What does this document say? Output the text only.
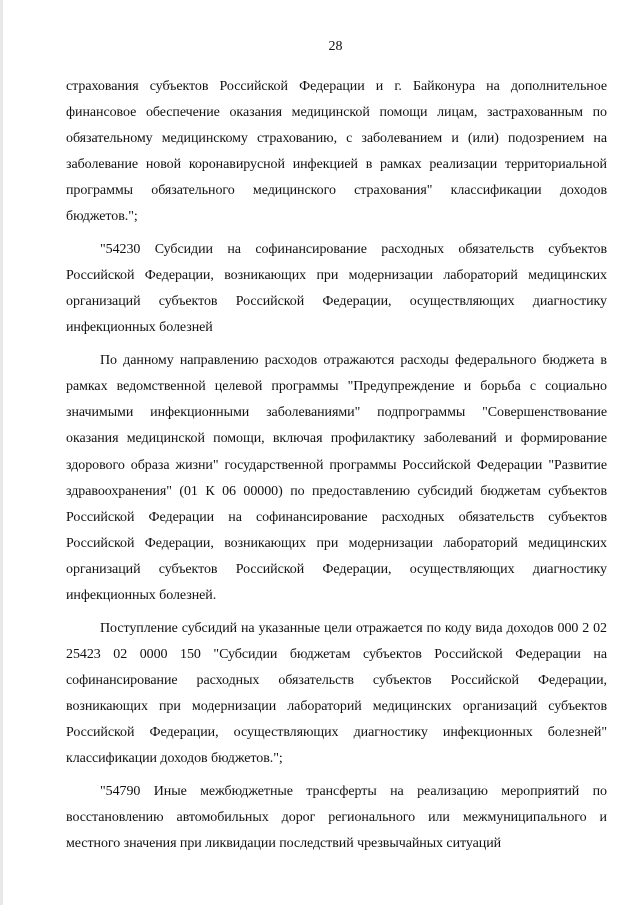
28

страхования субъектов Российской Федерации и г. Байконура на дополнительное финансовое обеспечение оказания медицинской помощи лицам, застрахованным по обязательному медицинскому страхованию, с заболеванием и (или) подозрением на заболевание новой коронавирусной инфекцией в рамках реализации территориальной программы обязательного медицинского страхования" классификации доходов бюджетов.";

"54230 Субсидии на софинансирование расходных обязательств субъектов Российской Федерации, возникающих при модернизации лабораторий медицинских организаций субъектов Российской Федерации, осуществляющих диагностику инфекционных болезней

По данному направлению расходов отражаются расходы федерального бюджета в рамках ведомственной целевой программы "Предупреждение и борьба с социально значимыми инфекционными заболеваниями" подпрограммы "Совершенствование оказания медицинской помощи, включая профилактику заболеваний и формирование здорового образа жизни" государственной программы Российской Федерации "Развитие здравоохранения" (01 К 06 00000) по предоставлению субсидий бюджетам субъектов Российской Федерации на софинансирование расходных обязательств субъектов Российской Федерации, возникающих при модернизации лабораторий медицинских организаций субъектов Российской Федерации, осуществляющих диагностику инфекционных болезней.

Поступление субсидий на указанные цели отражается по коду вида доходов 000 2 02 25423 02 0000 150 "Субсидии бюджетам субъектов Российской Федерации на софинансирование расходных обязательств субъектов Российской Федерации, возникающих при модернизации лабораторий медицинских организаций субъектов Российской Федерации, осуществляющих диагностику инфекционных болезней" классификации доходов бюджетов.";

"54790 Иные межбюджетные трансферты на реализацию мероприятий по восстановлению автомобильных дорог регионального или межмуниципального и местного значения при ликвидации последствий чрезвычайных ситуаций
